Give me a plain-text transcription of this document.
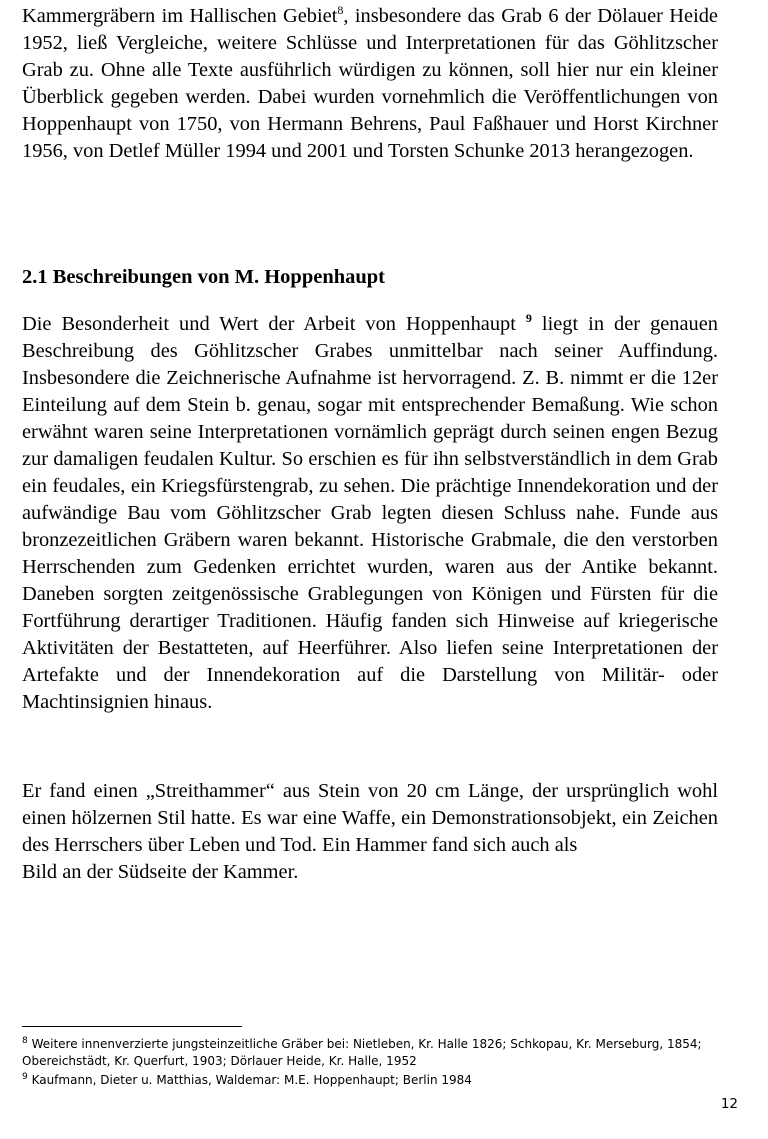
Kammergräbern im Hallischen Gebiet$^8$, insbesondere das Grab 6 der Dölauer Heide 1952, ließ Vergleiche, weitere Schlüsse und Interpretationen für das Göhlitzscher Grab zu. Ohne alle Texte ausführlich würdigen zu können, soll hier nur ein kleiner Überblick gegeben werden. Dabei wurden vornehmlich die Veröffentlichungen von Hoppenhaupt von 1750, von Hermann Behrens, Paul Faßhauer und Horst Kirchner 1956, von Detlef Müller 1994 und 2001 und Torsten Schunke 2013 herangezogen.

2.1 Beschreibungen von M. Hoppenhaupt

Die Besonderheit und Wert der Arbeit von Hoppenhaupt $^9$ liegt in der genauen Beschreibung des Göhlitzscher Grabes unmittelbar nach seiner Auffindung. Insbesondere die Zeichnerische Aufnahme ist hervorragend. Z. B. nimmt er die 12er Einteilung auf dem Stein b. genau, sogar mit entsprechender Bemaßung. Wie schon erwähnt waren seine Interpretationen vornämlich geprägt durch seinen engen Bezug zur damaligen feudalen Kultur. So erschien es für ihn selbstverständlich in dem Grab ein feudales, ein Kriegsfürstengrab, zu sehen. Die prächtige Innendekoration und der aufwändige Bau vom Göhlitzscher Grab legten diesen Schluss nahe. Funde aus bronzezeitlichen Gräbern waren bekannt. Historische Grabmale, die den verstorben Herrschenden zum Gedenken errichtet wurden, waren aus der Antike bekannt. Daneben sorgten zeitgenössische Grablegungen von Königen und Fürsten für die Fortführung derartiger Traditionen. Häufig fanden sich Hinweise auf kriegerische Aktivitäten der Bestatteten, auf Heerführer. Also liefen seine Interpretationen der Artefakte und der Innendekoration auf die Darstellung von Militär- oder Machtinsignien hinaus.

Er fand einen „Streithammer“ aus Stein von 20 cm Länge, der ursprünglich wohl einen hölzernen Stil hatte. Es war eine Waffe, ein Demonstrationsobjekt, ein Zeichen des Herrschers über Leben und Tod. Ein Hammer fand sich auch als
Bild an der Südseite der Kammer.

$^8$ Weitere innenverzierte jungsteinzeitliche Gräber bei: Nietleben, Kr. Halle 1826; Schkopau, Kr. Merseburg, 1854; Obereichstädt, Kr. Querfurt, 1903; Dörlauer Heide, Kr. Halle, 1952

$^9$ Kaufmann, Dieter u. Matthias, Waldemar: M.E. Hoppenhaupt; Berlin 1984

12
